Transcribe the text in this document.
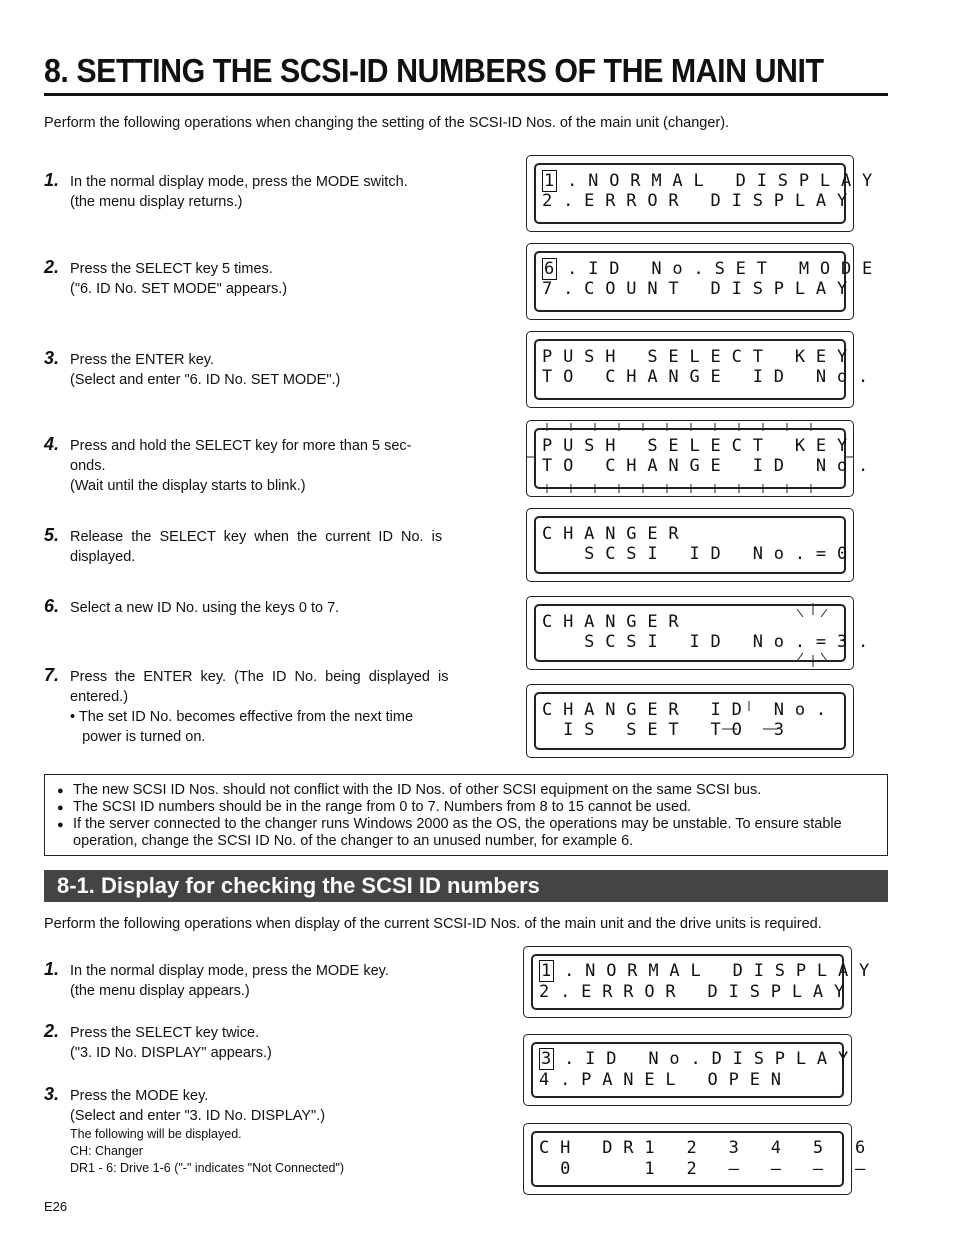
8. SETTING THE SCSI-ID NUMBERS OF THE MAIN UNIT
Perform the following operations when changing the setting of the SCSI-ID Nos. of the main unit (changer).
1. In the normal display mode, press the MODE switch.
(the menu display returns.)
2. Press the SELECT key 5 times.
("6. ID No. SET MODE" appears.)
3. Press the ENTER key.
(Select and enter "6. ID No. SET MODE".)
4. Press and hold the SELECT key for more than 5 sec-
onds.
(Wait until the display starts to blink.)
5. Release  the  SELECT  key  when  the  current  ID  No.  is
displayed.
6. Select a new ID No. using the keys 0 to 7.
7. Press  the  ENTER  key.  (The  ID  No.  being  displayed  is
entered.)
• The set ID No. becomes effective from the next time
power is turned on.
1 . N O R M A L   D I S P L A Y
2 . E R R O R   D I S P L A Y
6 . I D   N o . S E T   M O D E
7 . C O U N T   D I S P L A Y
P U S H   S E L E C T   K E Y
T O   C H A N G E   I D   N o .
P U S H   S E L E C T   K E Y
T O   C H A N G E   I D   N o .
C H A N G E R
S C S I   I D   N o . = 0
C H A N G E R
S C S I   I D   N o . = 3 .
C H A N G E R   I D   N o .
I S   S E T   T O   3
● The new SCSI ID Nos. should not conflict with the ID Nos. of other SCSI equipment on the same SCSI bus.
● The SCSI ID numbers should be in the range from 0 to 7. Numbers from 8 to 15 cannot be used.
● If the server connected to the changer runs Windows 2000 as the OS, the operations may be unstable. To ensure stable
operation, change the SCSI ID No. of the changer to an unused number, for example 6.
8-1. Display for checking the SCSI ID numbers
Perform the following operations when display of the current SCSI-ID Nos. of the main unit and the drive units is required.
1. In the normal display mode, press the MODE key.
(the menu display appears.)
2. Press the SELECT key twice.
("3. ID No. DISPLAY" appears.)
3. Press the MODE key.
(Select and enter "3. ID No. DISPLAY".)
The following will be displayed.
CH: Changer
DR1 - 6: Drive 1-6 ("-" indicates "Not Connected")
1 . N O R M A L   D I S P L A Y
2 . E R R O R   D I S P L A Y
3 . I D   N o . D I S P L A Y
4 . P A N E L   O P E N
C H   D R 1   2   3   4   5   6
0       1   2   –   –   –   –
E26
